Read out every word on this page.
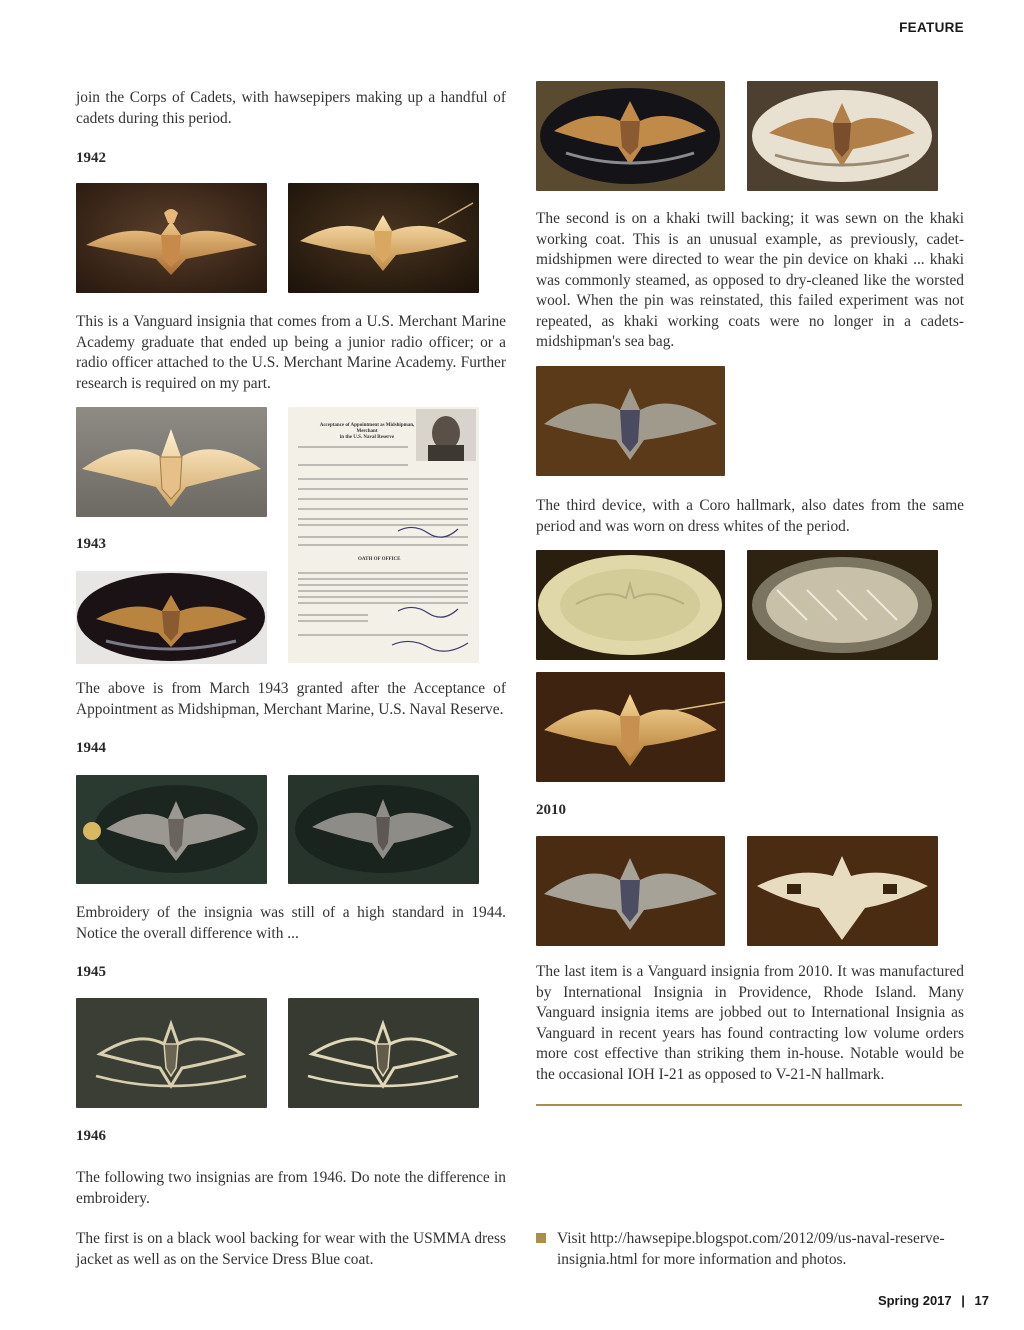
FEATURE

join the Corps of Cadets, with hawsepipers making up a handful of cadets during this period.

1942

This is a Vanguard insignia that comes from a U.S. Merchant Marine Academy graduate that ended up being a junior radio officer; or a radio officer attached to the U.S. Merchant Marine Academy. Further research is required on my part.

Acceptance of Appointment as Midshipman, Merchant
in the U.S. Naval Reserve
OATH OF OFFICE
1943

The above is from March 1943 granted after the Acceptance of Appointment as Midshipman, Merchant Marine, U.S. Naval Reserve.

1944

Embroidery of the insignia was still of a high standard in 1944. Notice the overall difference with ...

1945
1946

The following two insignias are from 1946. Do note the difference in embroidery.

The first is on a black wool backing for wear with the USMMA dress jacket as well as on the Service Dress Blue coat.

The second is on a khaki twill backing; it was sewn on the khaki working coat. This is an unusual example, as previously, cadet-midshipmen were directed to wear the pin device on khaki ... khaki was commonly steamed, as opposed to dry-cleaned like the worsted wool. When the pin was reinstated, this failed experiment was not repeated, as khaki working coats were no longer in a cadets-midshipman's sea bag.

The third device, with a Coro hallmark, also dates from the same period and was worn on dress whites of the period.

2010

The last item is a Vanguard insignia from 2010. It was manufactured by International Insignia in Providence, Rhode Island. Many Vanguard insignia items are jobbed out to International Insignia as Vanguard in recent years has found contracting low volume orders more cost effective than striking them in-house. Notable would be the occasional IOH I-21 as opposed to V-21-N hallmark.

Visit http://hawsepipe.blogspot.com/2012/09/us-naval-reserve-insignia.html for more information and photos.

Spring 2017 | 17
